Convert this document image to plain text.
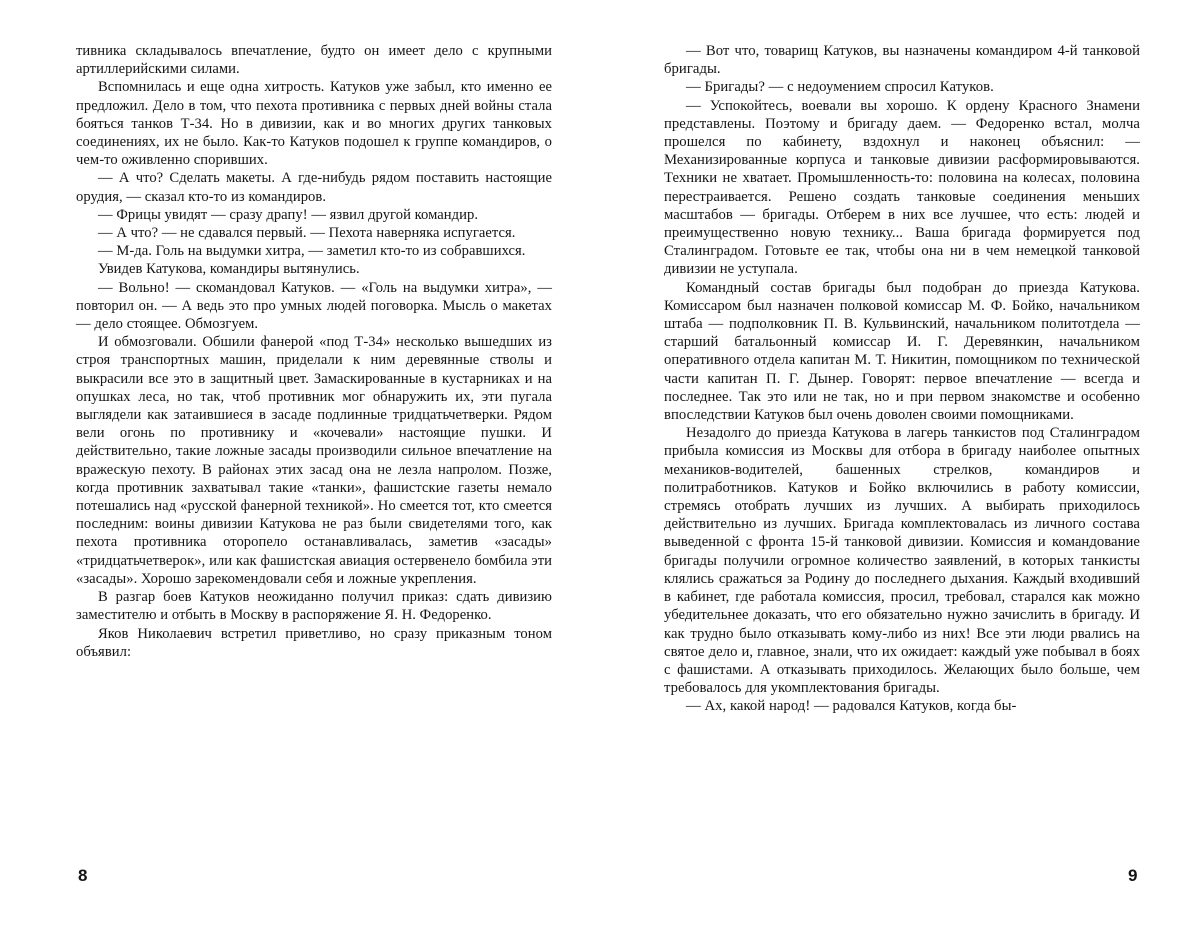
тивника складывалось впечатление, будто он имеет дело с крупными артиллерийскими силами.

Вспомнилась и еще одна хитрость. Катуков уже забыл, кто именно ее предложил. Дело в том, что пехота противника с первых дней войны стала бояться танков Т-34. Но в дивизии, как и во многих других танковых соединениях, их не было. Как-то Катуков подошел к группе командиров, о чем-то оживленно споривших.

— А что? Сделать макеты. А где-нибудь рядом поставить настоящие орудия, — сказал кто-то из командиров.

— Фрицы увидят — сразу драпу! — язвил другой командир.

— А что? — не сдавался первый. — Пехота наверняка испугается.

— М-да. Голь на выдумки хитра, — заметил кто-то из собравшихся.

Увидев Катукова, командиры вытянулись.

— Вольно! — скомандовал Катуков. — «Голь на выдумки хитра», — повторил он. — А ведь это про умных людей поговорка. Мысль о макетах — дело стоящее. Обмозгуем.

И обмозговали. Обшили фанерой «под Т-34» несколько вышедших из строя транспортных машин, приделали к ним деревянные стволы и выкрасили все это в защитный цвет. Замаскированные в кустарниках и на опушках леса, но так, чтоб противник мог обнаружить их, эти пугала выглядели как затаившиеся в засаде подлинные тридцатьчетверки. Рядом вели огонь по противнику и «кочевали» настоящие пушки. И действительно, такие ложные засады производили сильное впечатление на вражескую пехоту. В районах этих засад она не лезла напролом. Позже, когда противник захватывал такие «танки», фашистские газеты немало потешались над «русской фанерной техникой». Но смеется тот, кто смеется последним: воины дивизии Катукова не раз были свидетелями того, как пехота противника оторопело останавливалась, заметив «засады» «тридцатьчетверок», или как фашистская авиация остервенело бомбила эти «засады». Хорошо зарекомендовали себя и ложные укрепления.

В разгар боев Катуков неожиданно получил приказ: сдать дивизию заместителю и отбыть в Москву в распоряжение Я. Н. Федоренко.

Яков Николаевич встретил приветливо, но сразу приказным тоном объявил:

8

— Вот что, товарищ Катуков, вы назначены командиром 4-й танковой бригады.

— Бригады? — с недоумением спросил Катуков.

— Успокойтесь, воевали вы хорошо. К ордену Красного Знамени представлены. Поэтому и бригаду даем. — Федоренко встал, молча прошелся по кабинету, вздохнул и наконец объяснил: — Механизированные корпуса и танковые дивизии расформировываются. Техники не хватает. Промышленность-то: половина на колесах, половина перестраивается. Решено создать танковые соединения меньших масштабов — бригады. Отберем в них все лучшее, что есть: людей и преимущественно новую технику... Ваша бригада формируется под Сталинградом. Готовьте ее так, чтобы она ни в чем немецкой танковой дивизии не уступала.

Командный состав бригады был подобран до приезда Катукова. Комиссаром был назначен полковой комиссар М. Ф. Бойко, начальником штаба — подполковник П. В. Кульвинский, начальником политотдела — старший батальонный комиссар И. Г. Деревянкин, начальником оперативного отдела капитан М. Т. Никитин, помощником по технической части капитан П. Г. Дынер. Говорят: первое впечатление — всегда и последнее. Так это или не так, но и при первом знакомстве и особенно впоследствии Катуков был очень доволен своими помощниками.

Незадолго до приезда Катукова в лагерь танкистов под Сталинградом прибыла комиссия из Москвы для отбора в бригаду наиболее опытных механиков-водителей, башенных стрелков, командиров и политработников. Катуков и Бойко включились в работу комиссии, стремясь отобрать лучших из лучших. А выбирать приходилось действительно из лучших. Бригада комплектовалась из личного состава выведенной с фронта 15-й танковой дивизии. Комиссия и командование бригады получили огромное количество заявлений, в которых танкисты клялись сражаться за Родину до последнего дыхания. Каждый входивший в кабинет, где работала комиссия, просил, требовал, старался как можно убедительнее доказать, что его обязательно нужно зачислить в бригаду. И как трудно было отказывать кому-либо из них! Все эти люди рвались на святое дело и, главное, знали, что их ожидает: каждый уже побывал в боях с фашистами. А отказывать приходилось. Желающих было больше, чем требовалось для укомплектования бригады.

— Ах, какой народ! — радовался Катуков, когда бы-

9
